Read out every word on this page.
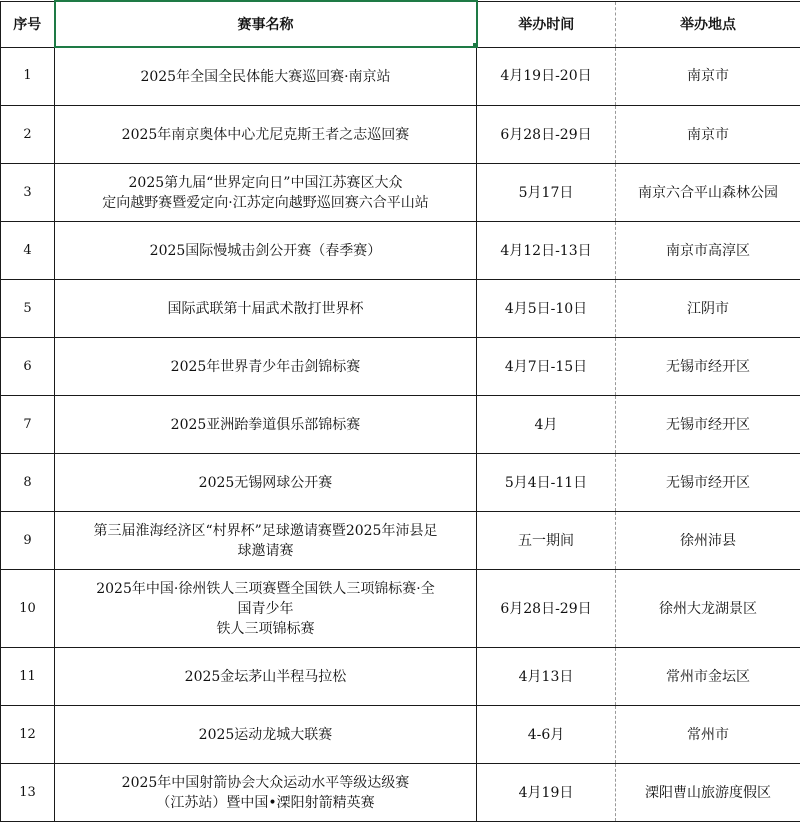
序号	赛事名称	举办时间	举办地点
1	2025年全国全民体能大赛巡回赛·南京站	4月19日-20日	南京市
2	2025年南京奥体中心尤尼克斯王者之志巡回赛	6月28日-29日	南京市
3	2025第九届“世界定向日”中国江苏赛区大众
定向越野赛暨爱定向·江苏定向越野巡回赛六合平山站	5月17日	南京六合平山森林公园
4	2025国际慢城击剑公开赛（春季赛）	4月12日-13日	南京市高淳区
5	国际武联第十届武术散打世界杯	4月5日-10日	江阴市
6	2025年世界青少年击剑锦标赛	4月7日-15日	无锡市经开区
7	2025亚洲跆拳道俱乐部锦标赛	4月	无锡市经开区
8	2025无锡网球公开赛	5月4日-11日	无锡市经开区
9	第三届淮海经济区“村界杯”足球邀请赛暨2025年沛县足
球邀请赛	五一期间	徐州沛县
10	2025年中国·徐州铁人三项赛暨全国铁人三项锦标赛·全
国青少年
铁人三项锦标赛	6月28日-29日	徐州大龙湖景区
11	2025金坛茅山半程马拉松	4月13日	常州市金坛区
12	2025运动龙城大联赛	4-6月	常州市
13	2025年中国射箭协会大众运动水平等级达级赛
（江苏站）暨中国•溧阳射箭精英赛	4月19日	溧阳曹山旅游度假区
